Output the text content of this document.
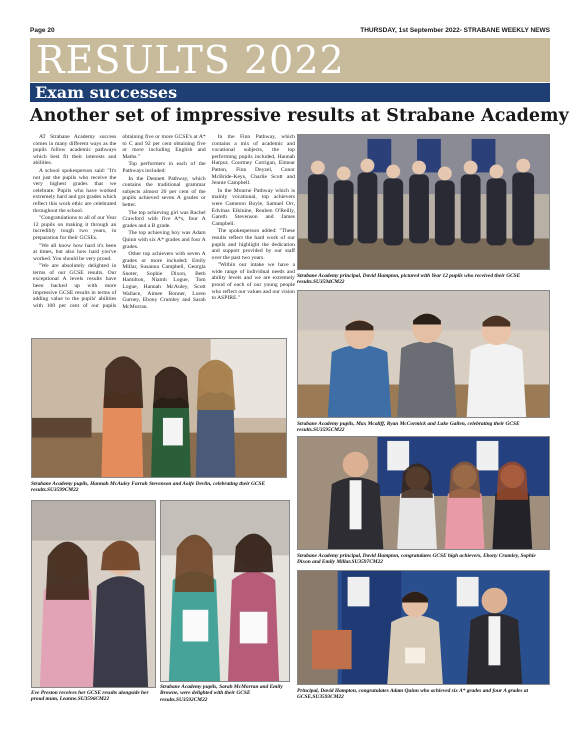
Page 20	THURSDAY, 1st September 2022- STRABANE WEEKLY NEWS
RESULTS 2022
Exam successes
Another set of impressive results at Strabane Academy

AT Strabane Academy success comes in many different ways as the pupils follow academic pathways which best fit their interests and abilities.

A school spokesperson said: "It's not just the pupils who receive the very highest grades that we celebrate. Pupils who have worked extremely hard and got grades which reflect this work ethic are celebrated throughout the school.

"Congratulations to all of our Year 12 pupils on making it through an incredibly tough two years, in preparation for their GCSEs.

"We all know how hard it's been at times, but also how hard you've worked. You should be very proud.

"We are absolutely delighted in terms of our GCSE results. Our exceptional A levels results have been backed up with more impressive GCSE results in terms of adding value to the pupils' abilities with 100 per cent of our pupils obtaining five or more GCSE's at A* to C and 92 per cent obtaining five or more including English and Maths."

Top performers in each of the Pathways included:

In the Dennett Pathway, which contains the traditional grammar subjects almost 20 per cent of the pupils achieved seven A grades or better.

The top achieving girl was Rachel Crawford with five A*s, four A grades and a B grade.

The top achieving boy was Adam Quinn with six A* grades and four A grades.

Other top achievers with seven A grades or more included; Emily Millar, Susanna Campbell, Georgia Snoter, Sophie Dixon, Beth Hamilton, Niamh Logue, Tom Logue, Hannah McAuley, Scott Wallace, Aimee Bonner, Loren Gurney, Ebony Crumley and Sarah McMorran.

In the Finn Pathway, which contains a mix of academic and vocational subjects, the top performing pupils included, Hannah Harpur, Courtney Corrigan, Eimear Patton, Finn Deyzel, Conor McBride-Keys, Charlie Scott and Jennie Campbell.

In the Mourne Pathway which is mainly vocational, top achievers were Cameron Boyle, Samuel Orr, Edvinas Eikinine, Reuben O'Reilly, Gareth Stevenson and James Campbell.

The spokesperson added: "These results reflect the hard work of our pupils and highlight the dedication and support provided by our staff over the past two years.

"Within our intake we have a wide range of individual needs and ability levels and we are extremely proud of each of our young people who reflect our values and our vision to ASPIRE."

Strabane Academy principal, David Hampton, pictured with Year 12 pupils who received their GCSE results.SU3594CM22
Strabane Academy pupils, Hannah McAuley Farrah Stevenson and Aoife Devlin, celebrating their GCSE results.SU3599CM22
Strabane Academy pupils, Max Mcaliff, Ryan McCormick and Luke Gallen, celebrating their GCSE results.SU3595CM22
Strabane Academy principal, David Hampton, congratulates GCSE high achievers, Ebony Crumley, Sophie Dixon and Emily Millar.SU3597CM22
Eve Preston receives her GCSE results alongside her proud mum, Leanne.SU3596CM22
Strabane Academy pupils, Sarah McMorran and Emily Browne, were delighted with their GCSE results.SU3592CM22
Principal, David Hampton, congratulates Adam Quinn who achieved six A* grades and four A grades at GCSE.SU3593CM22
